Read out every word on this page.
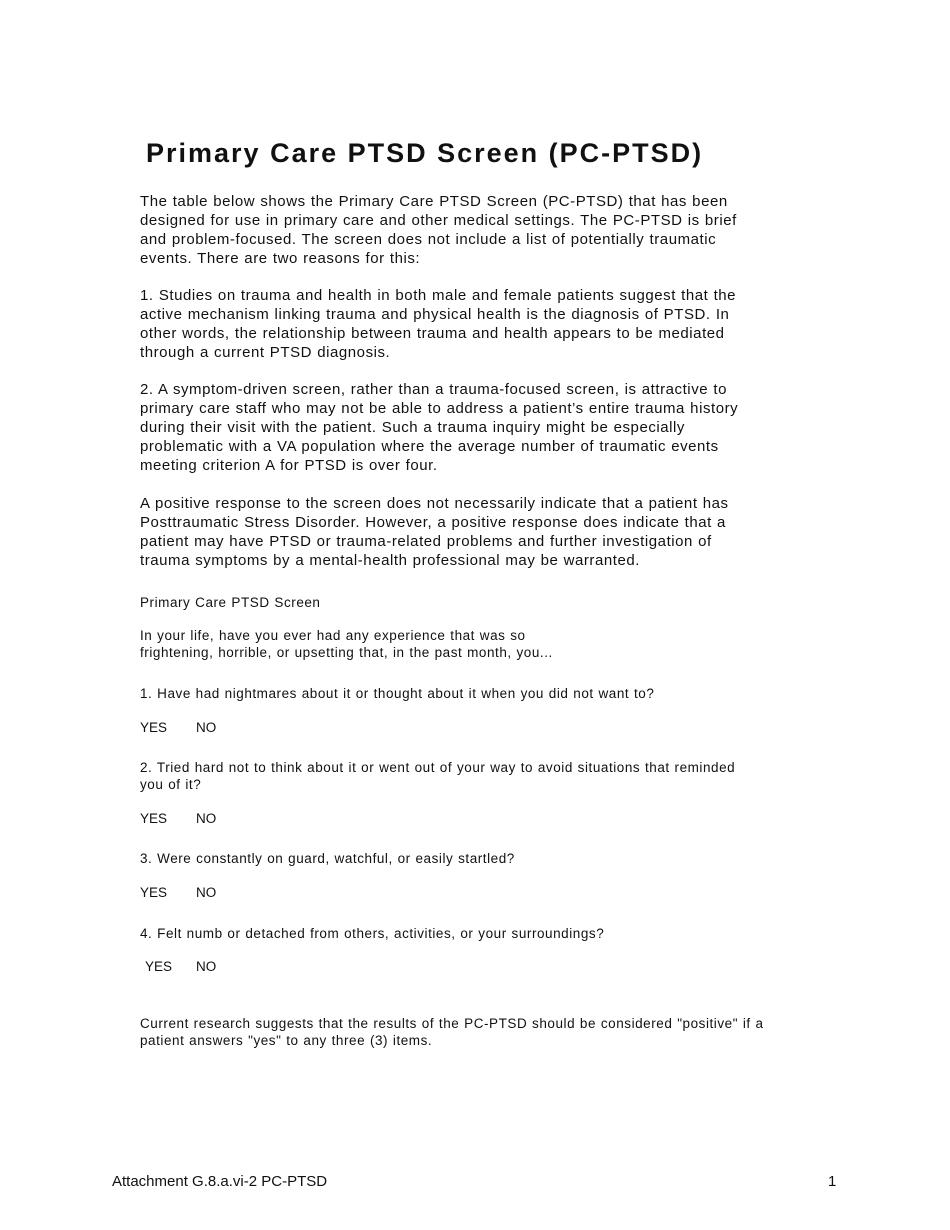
Primary Care PTSD Screen (PC-PTSD)

The table below shows the Primary Care PTSD Screen (PC-PTSD) that has been
designed for use in primary care and other medical settings. The PC-PTSD is brief
and problem-focused. The screen does not include a list of potentially traumatic
events. There are two reasons for this:

1. Studies on trauma and health in both male and female patients suggest that the
active mechanism linking trauma and physical health is the diagnosis of PTSD. In
other words, the relationship between trauma and health appears to be mediated
through a current PTSD diagnosis.

2. A symptom-driven screen, rather than a trauma-focused screen, is attractive to
primary care staff who may not be able to address a patient’s entire trauma history
during their visit with the patient. Such a trauma inquiry might be especially
problematic with a VA population where the average number of traumatic events
meeting criterion A for PTSD is over four.

A positive response to the screen does not necessarily indicate that a patient has
Posttraumatic Stress Disorder. However, a positive response does indicate that a
patient may have PTSD or trauma-related problems and further investigation of
trauma symptoms by a mental-health professional may be warranted.

Primary Care PTSD Screen

In your life, have you ever had any experience that was so
frightening, horrible, or upsetting that, in the past month, you...

1. Have had nightmares about it or thought about it when you did not want to?

YES NO

2. Tried hard not to think about it or went out of your way to avoid situations that reminded
you of it?

YES NO

3. Were constantly on guard, watchful, or easily startled?

YES NO

4. Felt numb or detached from others, activities, or your surroundings?

YES NO

Current research suggests that the results of the PC-PTSD should be considered "positive" if a
patient answers "yes" to any three (3) items.

Attachment G.8.a.vi-2 PC-PTSD	1
